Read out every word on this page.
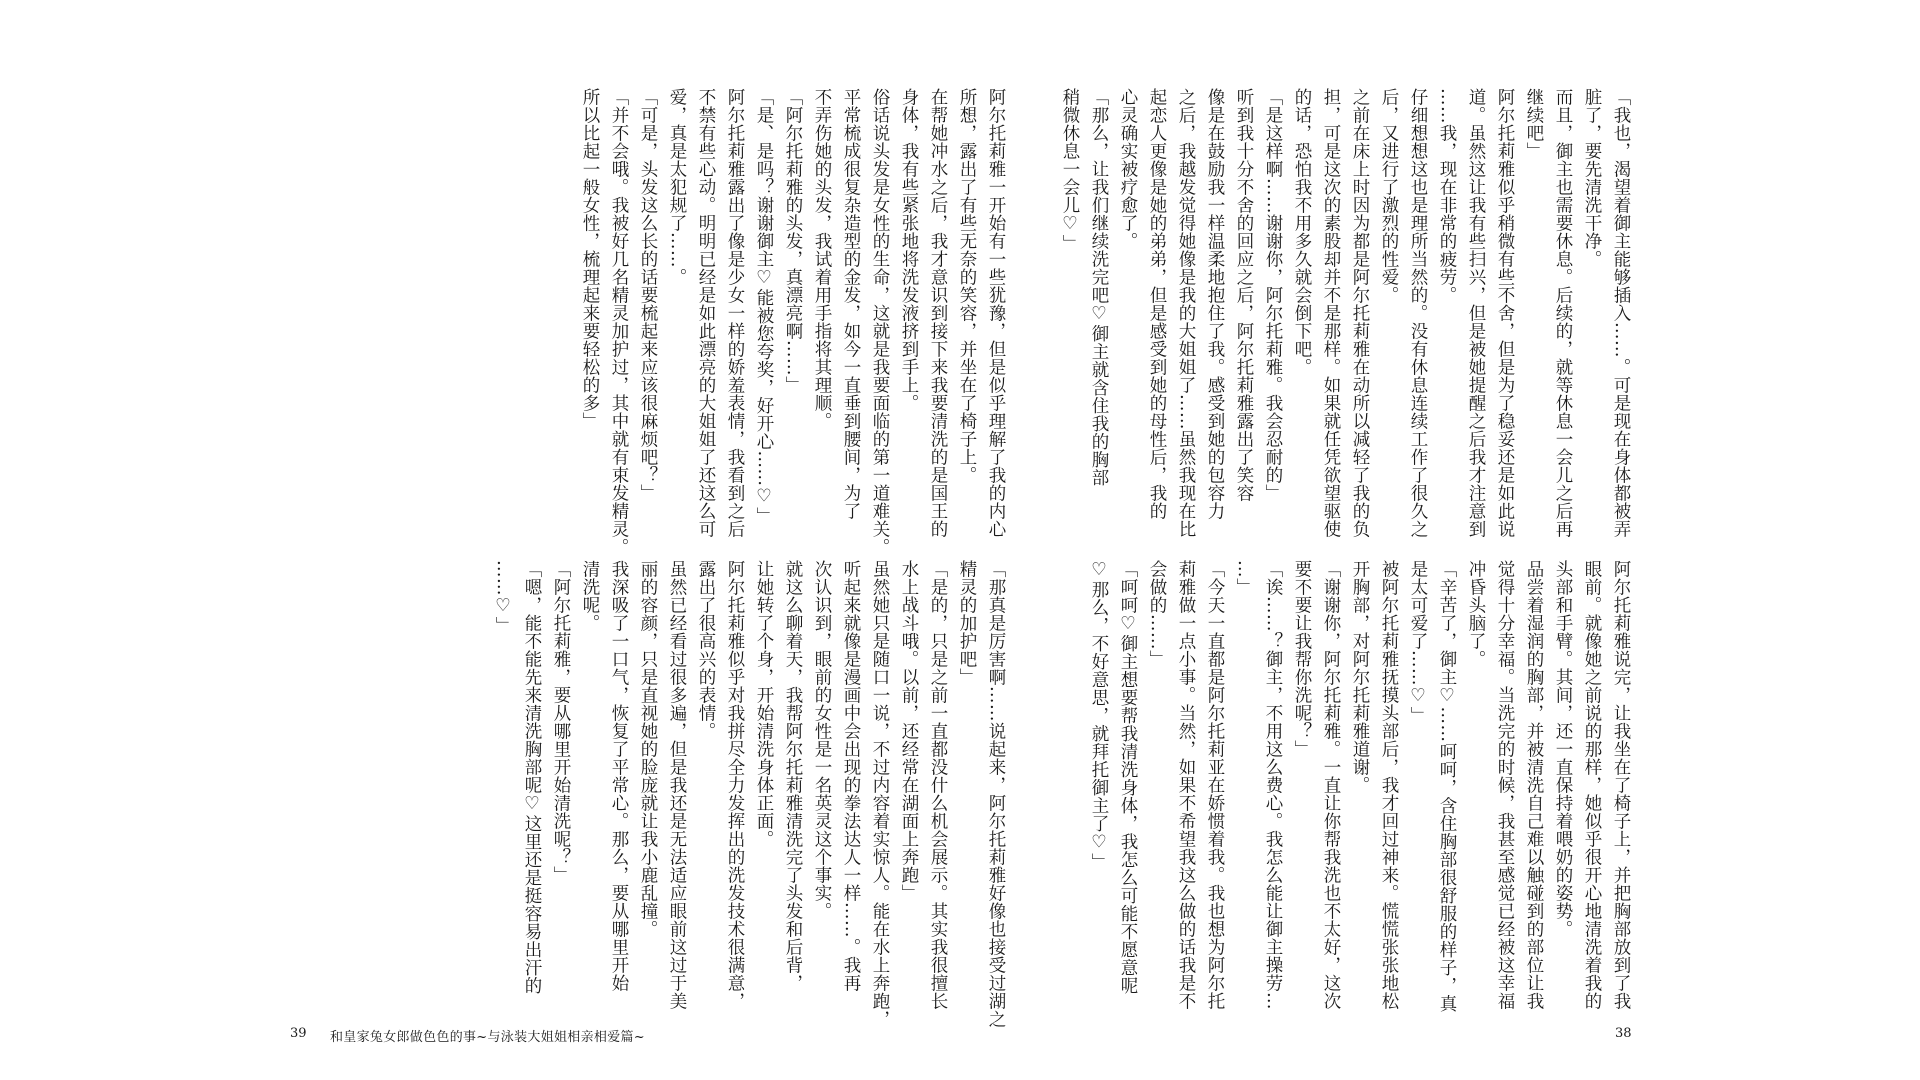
「我也，渴望着御主能够插入……。可是现在身体都被弄

脏了，要先清洗干净。

而且，御主也需要休息。后续的，就等休息一会儿之后再

继续吧」

阿尔托莉雅似乎稍微有些不舍，但是为了稳妥还是如此说

道。虽然这让我有些扫兴，但是被她提醒之后我才注意到

……我，现在非常的疲劳。

仔细想想这也是理所当然的。没有休息连续工作了很久之

后，又进行了激烈的性爱。

之前在床上时因为都是阿尔托莉雅在动所以减轻了我的负

担，可是这次的素股却并不是那样。如果就任凭欲望驱使

的话，恐怕我不用多久就会倒下吧。

「是这样啊……谢谢你，阿尔托莉雅。我会忍耐的」

听到我十分不舍的回应之后，阿尔托莉雅露出了笑容

像是在鼓励我一样温柔地抱住了我。感受到她的包容力

之后，我越发觉得她像是我的大姐姐了……虽然我现在比

起恋人更像是她的弟弟，但是感受到她的母性后，我的

心灵确实被疗愈了。

「那么，让我们继续洗完吧♡御主就含住我的胸部

稍微休息一会儿♡」

阿尔托莉雅说完，让我坐在了椅子上，并把胸部放到了我

眼前。就像她之前说的那样，她似乎很开心地清洗着我的

头部和手臂。其间，还一直保持着喂奶的姿势。

品尝着湿润的胸部，并被清洗自己难以触碰到的部位让我

觉得十分幸福。当洗完的时候，我甚至感觉已经被这幸福

冲昏头脑了。

「辛苦了，御主♡……呵呵，含住胸部很舒服的样子，真

是太可爱了……♡」

被阿尔托莉雅抚摸头部后，我才回过神来。慌慌张张地松

开胸部，对阿尔托莉雅道谢。

「谢谢你，阿尔托莉雅。一直让你帮我洗也不太好，这次

要不要让我帮你洗呢？」

「诶……？御主，不用这么费心。我怎么能让御主操劳…

…」

「今天一直都是阿尔托莉亚在娇惯着我。我也想为阿尔托

莉雅做一点小事。当然，如果不希望我这么做的话我是不

会做的……」

「呵呵♡御主想要帮我清洗身体，我怎么可能不愿意呢

♡那么，不好意思，就拜托御主了♡」

阿尔托莉雅一开始有一些犹豫，但是似乎理解了我的内心

所想，露出了有些无奈的笑容，并坐在了椅子上。

在帮她冲水之后，我才意识到接下来我要清洗的是国王的

身体，我有些紧张地将洗发液挤到手上。

俗话说头发是女性的生命，这就是我要面临的第一道难关。

平常梳成很复杂造型的金发，如今一直垂到腰间，为了

不弄伤她的头发，我试着用手指将其理顺。

「阿尔托莉雅的头发，真漂亮啊……」

「是、是吗？谢谢御主♡能被您夸奖，好开心……♡」

阿尔托莉雅露出了像是少女一样的娇羞表情，我看到之后

不禁有些心动。明明已经是如此漂亮的大姐姐了还这么可

爱，真是太犯规了……。

「可是，头发这么长的话要梳起来应该很麻烦吧？」

「并不会哦。我被好几名精灵加护过，其中就有束发精灵。

所以比起一般女性，梳理起来要轻松的多」

「那真是厉害啊……说起来，阿尔托莉雅好像也接受过湖之

精灵的加护吧」

「是的，只是之前一直都没什么机会展示。其实我很擅长

水上战斗哦。以前，还经常在湖面上奔跑」

虽然她只是随口一说，不过内容着实惊人。能在水上奔跑，

听起来就像是漫画中会出现的拳法达人一样……。我再

次认识到，眼前的女性是一名英灵这个事实。

就这么聊着天，我帮阿尔托莉雅清洗完了头发和后背，

让她转了个身，开始清洗身体正面。

阿尔托莉雅似乎对我拼尽全力发挥出的洗发技术很满意，

露出了很高兴的表情。

虽然已经看过很多遍，但是我还是无法适应眼前这过于美

丽的容颜，只是直视她的脸庞就让我小鹿乱撞。

我深吸了一口气，恢复了平常心。那么，要从哪里开始

清洗呢。

「阿尔托莉雅，要从哪里开始清洗呢？」

「嗯，能不能先来清洗胸部呢♡这里还是挺容易出汗的

……♡」

39 和皇家兔女郎做色色的事~与泳装大姐姐相亲相爱篇~	38
